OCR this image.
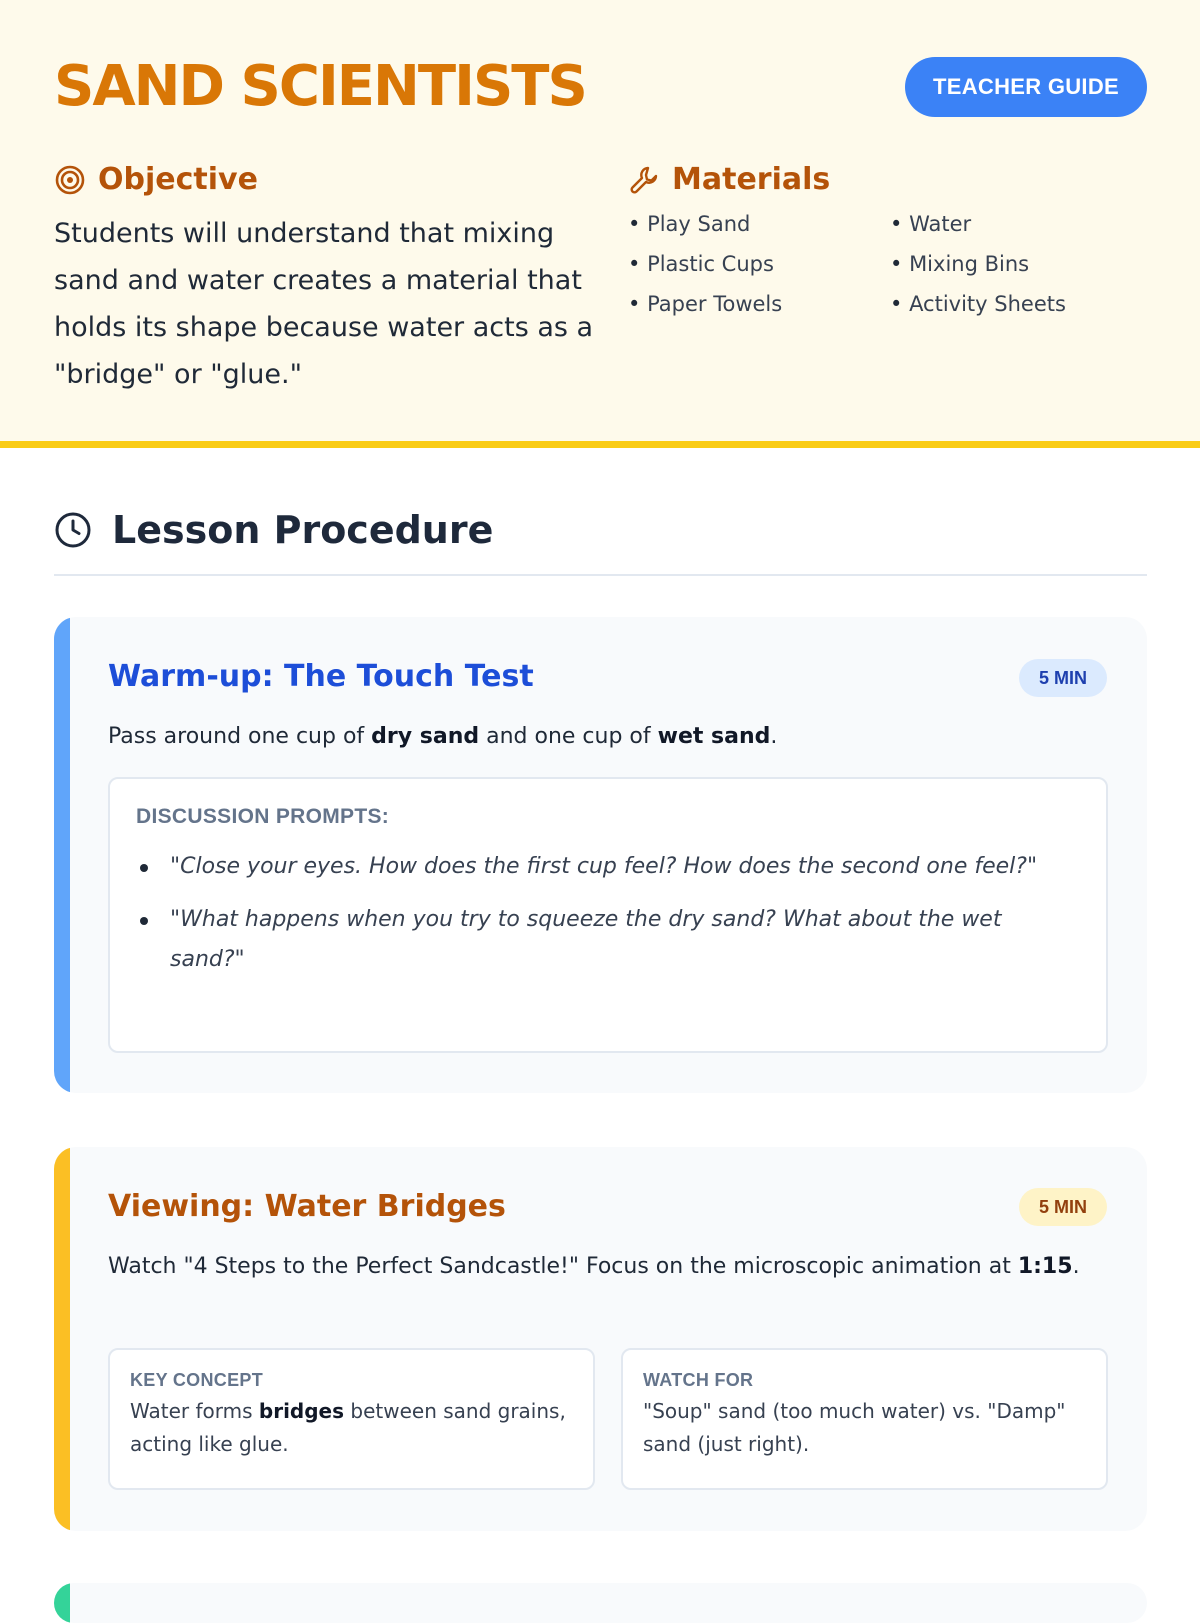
SAND SCIENTISTS	TEACHER GUIDE
Objective
Students will understand that mixing sand and water creates a material that holds its shape because water acts as a "bridge" or "glue."
Materials
• Play Sand
• Plastic Cups
• Paper Towels
• Water
• Mixing Bins
• Activity Sheets
Lesson Procedure
Warm-up: The Touch Test	5 MIN
Pass around one cup of dry sand and one cup of wet sand.
DISCUSSION PROMPTS:
"Close your eyes. How does the first cup feel? How does the second one feel?"
"What happens when you try to squeeze the dry sand? What about the wet sand?"
Viewing: Water Bridges	5 MIN
Watch "4 Steps to the Perfect Sandcastle!" Focus on the microscopic animation at 1:15.
KEY CONCEPT
Water forms bridges between sand grains, acting like glue.
WATCH FOR
"Soup" sand (too much water) vs. "Damp" sand (just right).
